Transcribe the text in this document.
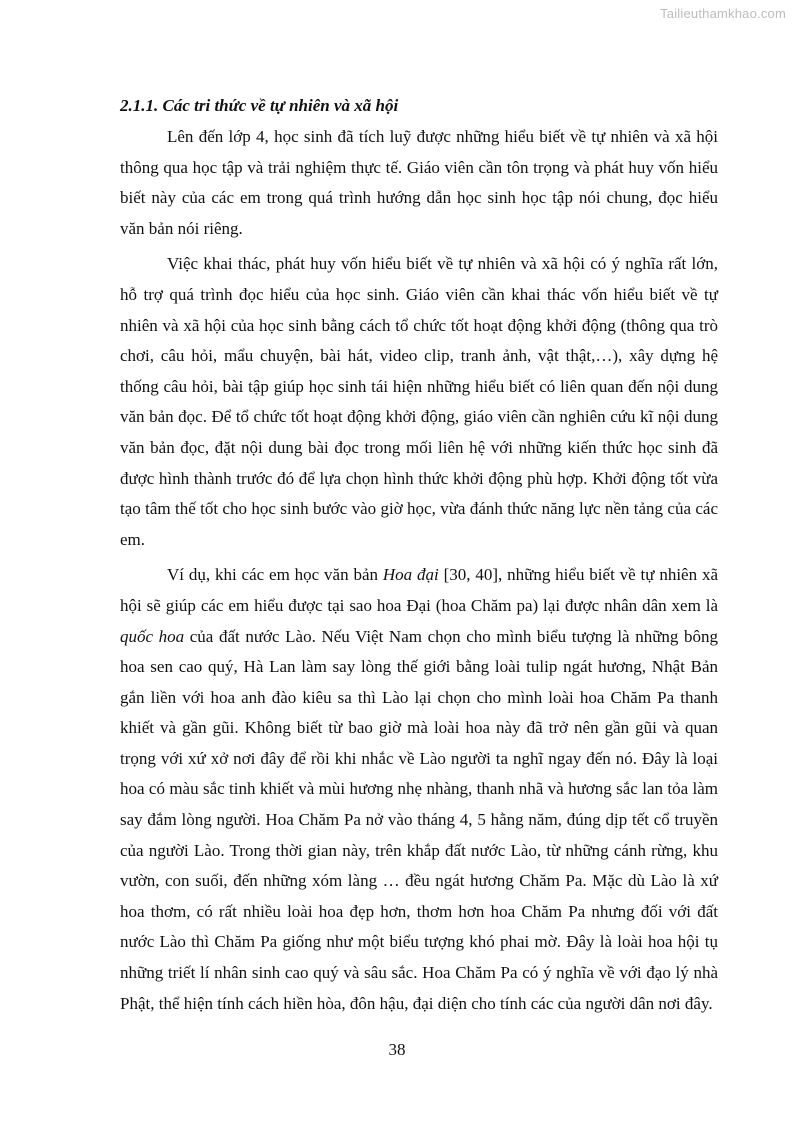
Tailieuthamkhao.com
2.1.1. Các tri thức về tự nhiên và xã hội

Lên đến lớp 4, học sinh đã tích luỹ được những hiểu biết về tự nhiên và xã hội thông qua học tập và trải nghiệm thực tế. Giáo viên cần tôn trọng và phát huy vốn hiểu biết này của các em trong quá trình hướng dẫn học sinh học tập nói chung, đọc hiểu văn bản nói riêng.

Việc khai thác, phát huy vốn hiểu biết về tự nhiên và xã hội có ý nghĩa rất lớn, hỗ trợ quá trình đọc hiểu của học sinh. Giáo viên cần khai thác vốn hiểu biết về tự nhiên và xã hội của học sinh bằng cách tổ chức tốt hoạt động khởi động (thông qua trò chơi, câu hỏi, mẩu chuyện, bài hát, video clip, tranh ảnh, vật thật,…), xây dựng hệ thống câu hỏi, bài tập giúp học sinh tái hiện những hiểu biết có liên quan đến nội dung văn bản đọc. Để tổ chức tốt hoạt động khởi động, giáo viên cần nghiên cứu kĩ nội dung văn bản đọc, đặt nội dung bài đọc trong mối liên hệ với những kiến thức học sinh đã được hình thành trước đó để lựa chọn hình thức khởi động phù hợp. Khởi động tốt vừa tạo tâm thế tốt cho học sinh bước vào giờ học, vừa đánh thức năng lực nền tảng của các em.

Ví dụ, khi các em học văn bản Hoa đại [30, 40], những hiểu biết về tự nhiên xã hội sẽ giúp các em hiểu được tại sao hoa Đại (hoa Chăm pa) lại được nhân dân xem là quốc hoa của đất nước Lào. Nếu Việt Nam chọn cho mình biểu tượng là những bông hoa sen cao quý, Hà Lan làm say lòng thế giới bằng loài tulip ngát hương, Nhật Bản gắn liền với hoa anh đào kiêu sa thì Lào lại chọn cho mình loài hoa Chăm Pa thanh khiết và gần gũi. Không biết từ bao giờ mà loài hoa này đã trở nên gần gũi và quan trọng với xứ xở nơi đây để rồi khi nhắc về Lào người ta nghĩ ngay đến nó. Đây là loại hoa có màu sắc tinh khiết và mùi hương nhẹ nhàng, thanh nhã và hương sắc lan tỏa làm say đắm lòng người. Hoa Chăm Pa nở vào tháng 4, 5 hằng năm, đúng dịp tết cổ truyền của người Lào. Trong thời gian này, trên khắp đất nước Lào, từ những cánh rừng, khu vườn, con suối, đến những xóm làng … đều ngát hương Chăm Pa. Mặc dù Lào là xứ hoa thơm, có rất nhiều loài hoa đẹp hơn, thơm hơn hoa Chăm Pa nhưng đối với đất nước Lào thì Chăm Pa giống như một biểu tượng khó phai mờ. Đây là loài hoa hội tụ những triết lí nhân sinh cao quý và sâu sắc. Hoa Chăm Pa có ý nghĩa về với đạo lý nhà Phật, thể hiện tính cách hiền hòa, đôn hậu, đại diện cho tính các của người dân nơi đây.

38
